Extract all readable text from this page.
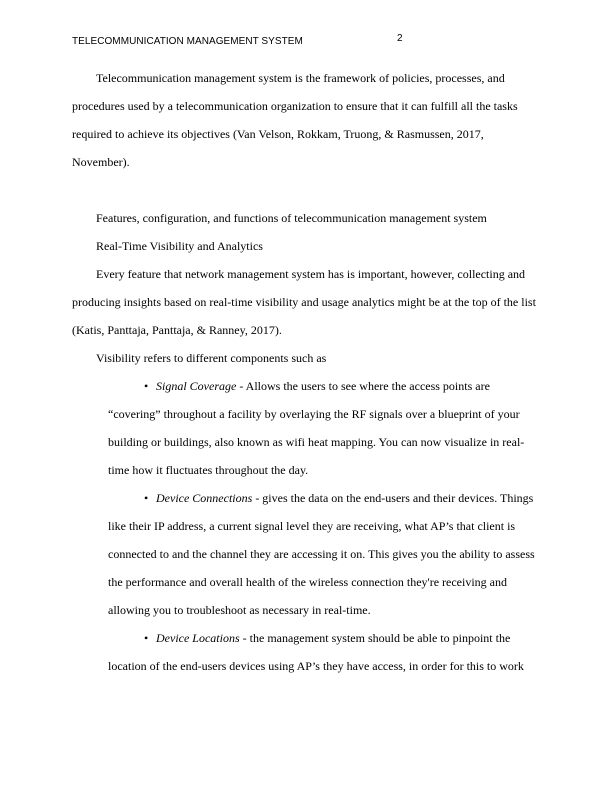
TELECOMMUNICATION MANAGEMENT SYSTEM	2

Telecommunication management system is the framework of policies, processes, and procedures used by a telecommunication organization to ensure that it can fulfill all the tasks required to achieve its objectives (Van Velson, Rokkam, Truong, & Rasmussen, 2017, November).

Features, configuration, and functions of telecommunication management system

Real-Time Visibility and Analytics

Every feature that network management system has is important, however, collecting and producing insights based on real-time visibility and usage analytics might be at the top of the list (Katis, Panttaja, Panttaja, & Ranney, 2017).

Visibility refers to different components such as

• Signal Coverage - Allows the users to see where the access points are “covering” throughout a facility by overlaying the RF signals over a blueprint of your building or buildings, also known as wifi heat mapping. You can now visualize in real-time how it fluctuates throughout the day.

• Device Connections - gives the data on the end-users and their devices. Things like their IP address, a current signal level they are receiving, what AP’s that client is connected to and the channel they are accessing it on. This gives you the ability to assess the performance and overall health of the wireless connection they're receiving and allowing you to troubleshoot as necessary in real-time.

• Device Locations - the management system should be able to pinpoint the location of the end-users devices using AP’s they have access, in order for this to work
